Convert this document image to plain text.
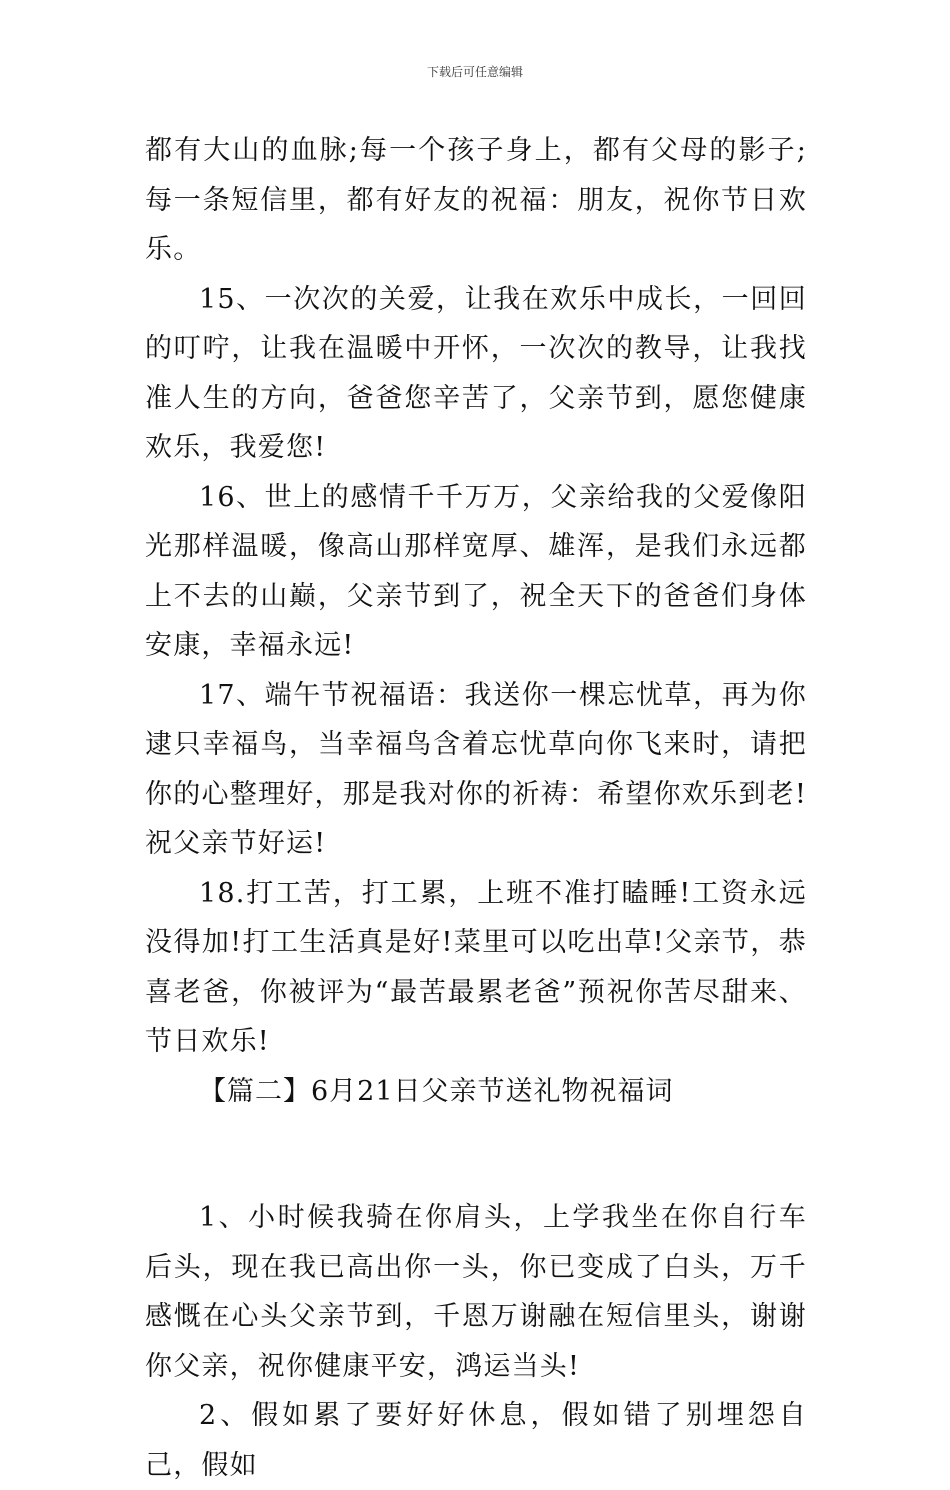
下载后可任意编辑

都有大山的血脉;每一个孩子身上，都有父母的影子;每一条短信里，都有好友的祝福：朋友，祝你节日欢乐。

15、一次次的关爱，让我在欢乐中成长，一回回的叮咛，让我在温暖中开怀，一次次的教导，让我找准人生的方向，爸爸您辛苦了，父亲节到，愿您健康欢乐，我爱您!

16、世上的感情千千万万，父亲给我的父爱像阳光那样温暖，像高山那样宽厚、雄浑，是我们永远都上不去的山巅，父亲节到了，祝全天下的爸爸们身体安康，幸福永远!

17、端午节祝福语：我送你一棵忘忧草，再为你逮只幸福鸟，当幸福鸟含着忘忧草向你飞来时，请把你的心整理好，那是我对你的祈祷：希望你欢乐到老!祝父亲节好运!

18.打工苦，打工累，上班不准打瞌睡!工资永远没得加!打工生活真是好!菜里可以吃出草!父亲节，恭喜老爸，你被评为“最苦最累老爸”预祝你苦尽甜来、节日欢乐!

【篇二】6月21日父亲节送礼物祝福词

1、小时候我骑在你肩头，上学我坐在你自行车后头，现在我已高出你一头，你已变成了白头，万千感慨在心头父亲节到，千恩万谢融在短信里头，谢谢你父亲，祝你健康平安，鸿运当头!

2、假如累了要好好休息，假如错了别埋怨自己，假如
